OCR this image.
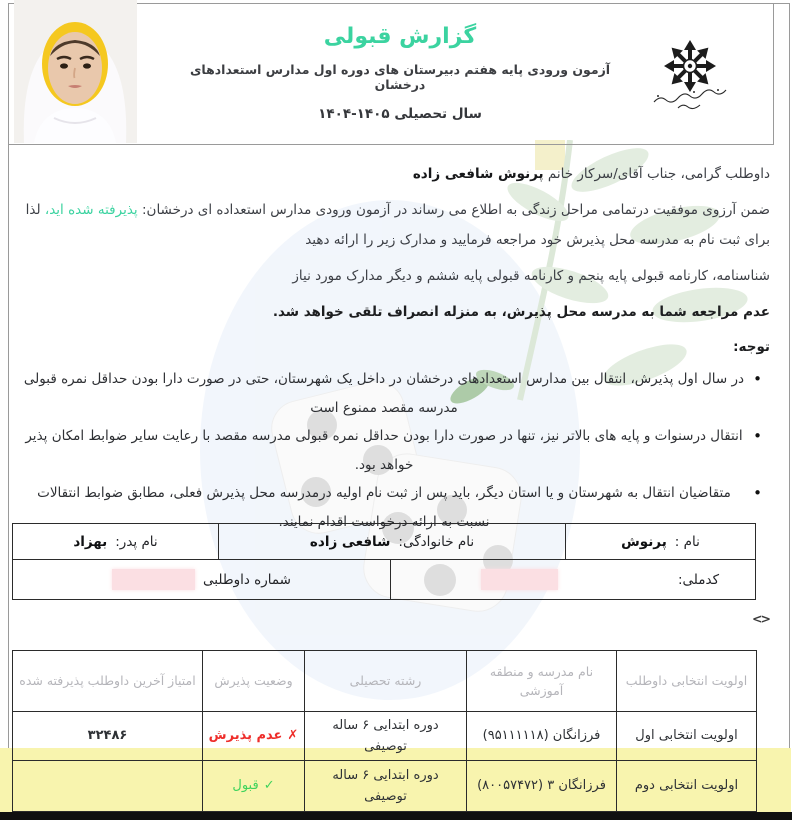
گزارش قبولی
آزمون ورودی پایه هفتم دبیرستان های دوره اول مدارس استعدادهای درخشان
سال تحصیلی ۱۴۰۴-۱۴۰۵

داوطلب گرامی، جناب آقای/سرکار خانم پرنوش شافعی زاده

ضمن آرزوی موفقیت درتمامی مراحل زندگی به اطلاع می رساند در آزمون ورودی مدارس استعداده ای درخشان: پذیرفته شده اید، لذا برای ثبت نام به مدرسه محل پذیرش خود مراجعه فرمایید و مدارک زیر را ارائه دهید

شناسنامه، کارنامه قبولی پایه پنجم و کارنامه قبولی پایه ششم و دیگر مدارک مورد نیاز

عدم مراجعه شما به مدرسه محل پذیرش، به منزله انصراف تلقی خواهد شد.

توجه:

• در سال اول پذیرش، انتقال بین مدارس استعدادهای درخشان در داخل یک شهرستان، حتی در صورت دارا بودن حداقل نمره قبولی مدرسه مقصد ممنوع است
• انتقال درسنوات و پایه های بالاتر نیز، تنها در صورت دارا بودن حداقل نمره قبولی مدرسه مقصد با رعایت سایر ضوابط امکان پذیر خواهد بود.
• متقاضیان انتقال به شهرستان و یا استان دیگر، باید پس از ثبت نام اولیه درمدرسه محل پذیرش فعلی، مطابق ضوابط انتقالات نسبت به ارائه درخواست اقدام نمایند.
نام :
پرنوش
نام خانوادگی:
شافعی زاده
نام پدر:
بهزاد
کدملی:
شماره داوطلبی
<>
اولویت انتخابی داوطلب
نام مدرسه و منطقه آموزشی
رشته تحصیلی
وضعیت پذیرش
امتیاز آخرین داوطلب پذیرفته شده
اولویت انتخابی اول
فرزانگان (۹۵۱۱۱۱۱۸)
دوره ابتدایی ۶ ساله توصیفی
✗
عدم پذیرش
۳۲۴۸۶
اولویت انتخابی دوم
فرزانگان ۳ (۸۰۰۵۷۴۷۲)
دوره ابتدایی ۶ ساله توصیفی
✓
قبول
